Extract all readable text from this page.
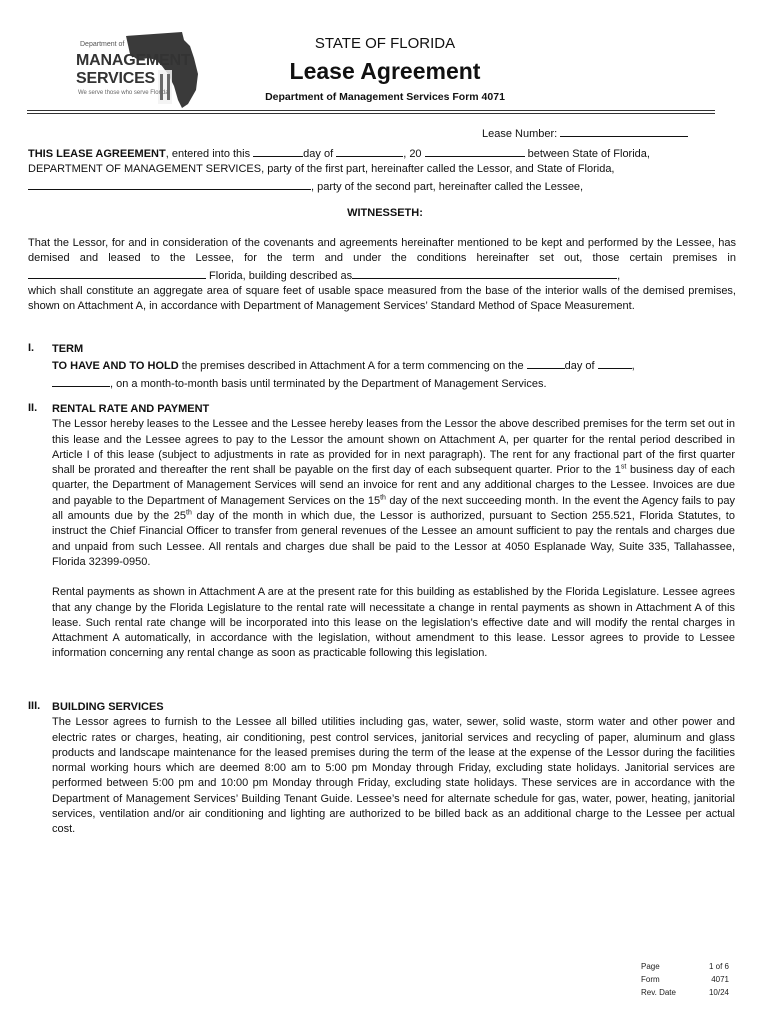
Department of
MANAGEMENT
SERVICES
We serve those who serve Florida
STATE OF FLORIDA
Lease Agreement
Department of Management Services Form 4071
Lease Number:

THIS LEASE AGREEMENT, entered into this	day of	, 20	between State of Florida,

DEPARTMENT OF MANAGEMENT SERVICES, party of the first part, hereinafter called the Lessor, and State of Florida,

, party of the second part, hereinafter called the Lessee,

WITNESSETH:

That the Lessor, for and in consideration of the covenants and agreements hereinafter mentioned to be kept and performed by the Lessee, has demised and leased to the Lessee, for the term and under the conditions hereinafter set out, those certain premises in  Florida, building described as	,

which shall constitute an aggregate area of square feet of usable space measured from the base of the interior walls of the demised premises, shown on Attachment A, in accordance with Department of Management Services’ Standard Method of Space Measurement.

I. TERM

TO HAVE AND TO HOLD the premises described in Attachment A for a term commencing on the	day of	,

, on a month-to-month basis until terminated by the Department of Management Services.

II. RENTAL RATE AND PAYMENT

The Lessor hereby leases to the Lessee and the Lessee hereby leases from the Lessor the above described premises for the term set out in this lease and the Lessee agrees to pay to the Lessor the amount shown on Attachment A, per quarter for the rental period described in Article I of this lease (subject to adjustments in rate as provided for in next paragraph). The rent for any fractional part of the first quarter shall be prorated and thereafter the rent shall be payable on the first day of each subsequent quarter. Prior to the 1st business day of each quarter, the Department of Management Services will send an invoice for rent and any additional charges to the Lessee. Invoices are due and payable to the Department of Management Services on the 15th day of the next succeeding month. In the event the Agency fails to pay all amounts due by the 25th day of the month in which due, the Lessor is authorized, pursuant to Section 255.521, Florida Statutes, to instruct the Chief Financial Officer to transfer from general revenues of the Lessee an amount sufficient to pay the rentals and charges due and unpaid from such Lessee. All rentals and charges due shall be paid to the Lessor at 4050 Esplanade Way, Suite 335, Tallahassee, Florida 32399-0950.

Rental payments as shown in Attachment A are at the present rate for this building as established by the Florida Legislature. Lessee agrees that any change by the Florida Legislature to the rental rate will necessitate a change in rental payments as shown in Attachment A of this lease. Such rental rate change will be incorporated into this lease on the legislation’s effective date and will modify the rental charges in Attachment A automatically, in accordance with the legislation, without amendment to this lease. Lessor agrees to provide to Lessee information concerning any rental change as soon as practicable following this legislation.

III. BUILDING SERVICES

The Lessor agrees to furnish to the Lessee all billed utilities including gas, water, sewer, solid waste, storm water and other power and electric rates or charges, heating, air conditioning, pest control services, janitorial services and recycling of paper, aluminum and glass products and landscape maintenance for the leased premises during the term of the lease at the expense of the Lessor during the facilities normal working hours which are deemed 8:00 am to 5:00 pm Monday through Friday, excluding state holidays. Janitorial services are performed between 5:00 pm and 10:00 pm Monday through Friday, excluding state holidays. These services are in accordance with the Department of Management Services’ Building Tenant Guide. Lessee’s need for alternate schedule for gas, water, power, heating, janitorial services, ventilation and/or air conditioning and lighting are authorized to be billed back as an additional charge to the Lessee per actual cost.

Page	1 of 6
Form	4071
Rev. Date	10/24
